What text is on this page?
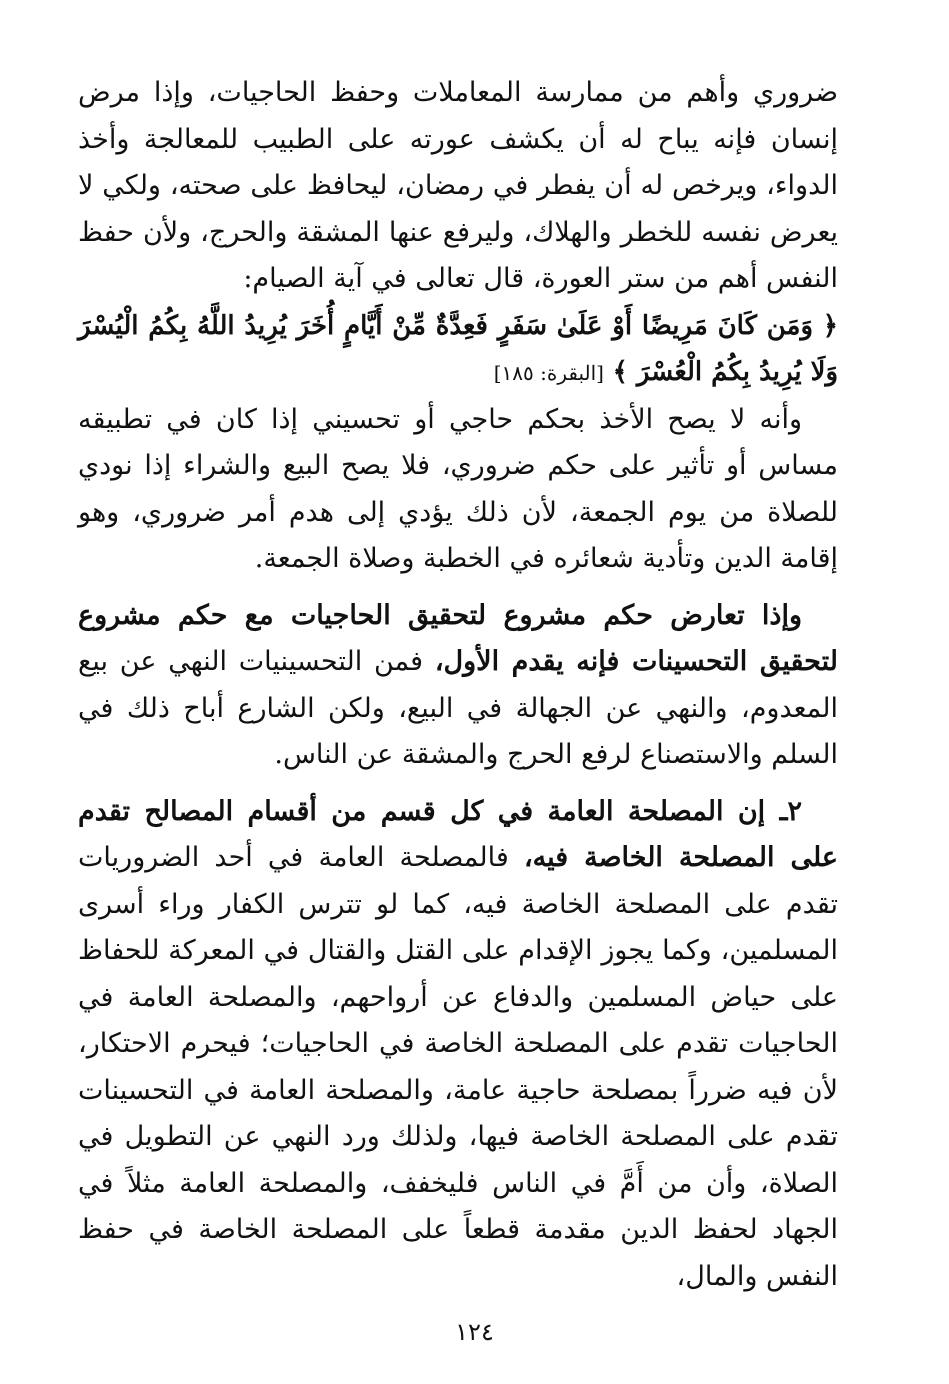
ضروري وأهم من ممارسة المعاملات وحفظ الحاجيات، وإذا مرض إنسان فإنه يباح له أن يكشف عورته على الطبيب للمعالجة وأخذ الدواء، ويرخص له أن يفطر في رمضان، ليحافظ على صحته، ولكي لا يعرض نفسه للخطر والهلاك، وليرفع عنها المشقة والحرج، ولأن حفظ النفس أهم من ستر العورة، قال تعالى في آية الصيام:
﴿ وَمَن كَانَ مَرِيضًا أَوْ عَلَىٰ سَفَرٍ فَعِدَّةٌ مِّنْ أَيَّامٍ أُخَرَ يُرِيدُ اللَّهُ بِكُمُ الْيُسْرَ وَلَا يُرِيدُ بِكُمُ الْعُسْرَ ﴾ [البقرة: ١٨٥]

وأنه لا يصح الأخذ بحكم حاجي أو تحسيني إذا كان في تطبيقه مساس أو تأثير على حكم ضروري، فلا يصح البيع والشراء إذا نودي للصلاة من يوم الجمعة، لأن ذلك يؤدي إلى هدم أمر ضروري، وهو إقامة الدين وتأدية شعائره في الخطبة وصلاة الجمعة.

وإذا تعارض حكم مشروع لتحقيق الحاجيات مع حكم مشروع لتحقيق التحسينات فإنه يقدم الأول، فمن التحسينيات النهي عن بيع المعدوم، والنهي عن الجهالة في البيع، ولكن الشارع أباح ذلك في السلم والاستصناع لرفع الحرج والمشقة عن الناس.

٢ـ إن المصلحة العامة في كل قسم من أقسام المصالح تقدم على المصلحة الخاصة فيه، فالمصلحة العامة في أحد الضروريات تقدم على المصلحة الخاصة فيه، كما لو تترس الكفار وراء أسرى المسلمين، وكما يجوز الإقدام على القتل والقتال في المعركة للحفاظ على حياض المسلمين والدفاع عن أرواحهم، والمصلحة العامة في الحاجيات تقدم على المصلحة الخاصة في الحاجيات؛ فيحرم الاحتكار، لأن فيه ضرراً بمصلحة حاجية عامة، والمصلحة العامة في التحسينات تقدم على المصلحة الخاصة فيها، ولذلك ورد النهي عن التطويل في الصلاة، وأن من أَمَّ في الناس فليخفف، والمصلحة العامة مثلاً في الجهاد لحفظ الدين مقدمة قطعاً على المصلحة الخاصة في حفظ النفس والمال،

١٢٤
